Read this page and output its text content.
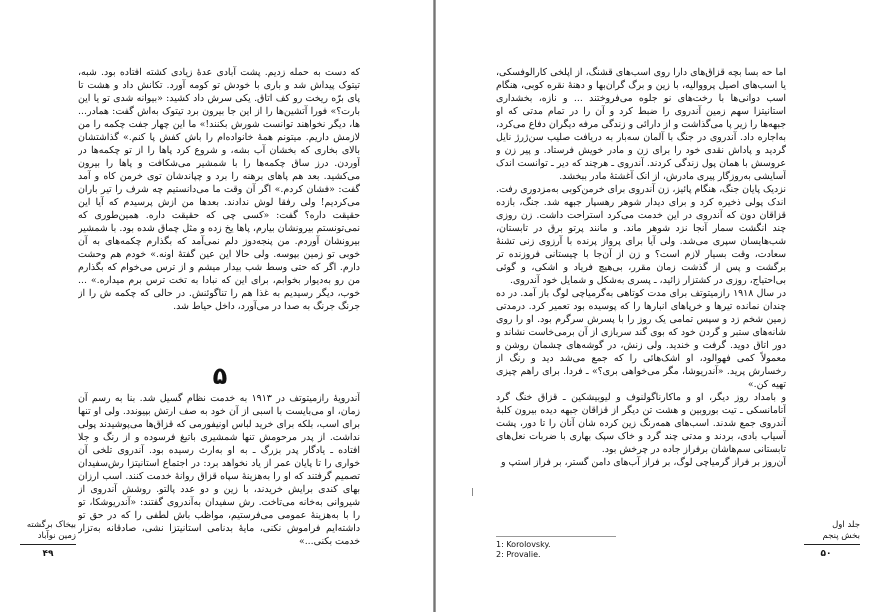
که دست به حمله زدیم. پشت آبادی عدهٔ زیادی کشته افتاده بود. شبه، تیتوک پیداش شد و باری با خودش تو کومه آورد. تکانش داد و هشت تا پای برّه ریخت رو کف اتاق. یکی سرش داد کشید: «بیوانه شدی تو یا این بارت؟» فورا آتشین‌ها را از این جا بیرون برد تیتوک به‌اش گفت: همادر... ها، دیگر نخواهند توانست شورش بکنند!» ما این چهار جفت چکمه را من لازمش داریم. میتونم همهٔ خانواده‌ام را باش کفش پا کنم.» گذاشتشان بالای بخاری که بخشان آب بشه، و شروع کرد پاها را از تو چکمه‌ها در آوردن. درز ساق چکمه‌ها را با شمشیر می‌شکافت و پاها را بیرون می‌کشید. بعد هم پاهای برهنه را برد و چپاندشان توی خرمن کاه و آمد گفت: «فشان کردم.» اگر آن وقت ما می‌دانستیم چه شرف را تیر باران می‌کردیم! ولی رفقا لوش ندادند. بعدها من ازش پرسیدم که آیا این حقیقت داره؟ گفت: «کسی چی که حقیقت داره. همین‌طوری که نمی‌تونستم بیرونشان بیارم، پاها یخ زده و مثل چماق شده بود. با شمشیر بیرونشان آوردم. من پنجه‌دوز دلم نمی‌آمد که بگذارم چکمه‌های به آن خوبی تو زمین بپوسه. ولی حالا این عین گفتهٔ اونه.» خودم هم وحشت دارم. اگر که حتی وسط شب بیدار میشم و از ترس می‌خوام که بگذارم من رو به‌دیوار بخوابم، برای این که نبادا به تخت ترس برم میداره.» ... خوب، دیگر رسیدیم به غذا هم را تناگوئنش. در حالی که چکمه ش را از جرنگ جرنگ به صدا در می‌آورد، داخل حیاط شد.

۵

آندرویهٔ رازمیتوتف در ۱۹۱۳ به خدمت نظام گسیل شد. بنا به رسم آن زمان، او می‌بایست با اسبی از آن خود به صف ارتش بپیوندد. ولی او تنها برای اسب، بلکه برای خرید لباس اونیفورمی که قزاق‌ها می‌پوشیدند پولی نداشت. از پدر مرحومش تنها شمشیری باتیغ فرسوده و از رنگ و جلا افتاده ـ یادگار پدر بزرگ ـ به او به‌ارث رسیده بود. آندروی تلخی آن خواری را تا پایان عمر از یاد نخواهد برد: در اجتماع استانیتزا رش‌سفیدان تصمیم گرفتند که او را به‌هزینهٔ سپاه قزاق روانهٔ خدمت کنند. اسب ارزان بهای کندی برایش خریدند، با زین و دو عدد پالتو. روشش آندروی از شیروانی به‌خانه می‌تاخت. رش سفیدان به‌آندروی گفتند: «آندریوشکا، تو را با به‌هزینهٔ عمومی می‌فرستیم، مواظب باش لطفی را که در حق تو داشته‌ایم فراموش نکنی، مایهٔ بدنامی استانیتزا نشی، صادقانه به‌تزار خدمت بکنی...»

بیخاک برگشته
زمین نوآباد
۴۹

اما حه بسا بچه قزاق‌های دارا روی اسب‌های قشنگ، از اپلخی کارالوفسکی، یا اسب‌های اصیل پرووالیه، با زین و برگ گران‌بها و دهنهٔ نقره کوبی، هنگام اسب دوانی‌ها با رخت‌های نو جلوه می‌فروختند ... و نازه، بخشداری استانیتزا سهم زمین آندروی را ضبط کرد و آن را در تمام مدتی که او جبهه‌ها را زیر پا می‌گذاشت و از دارائی و زندگی مرفه دیگران دفاع می‌کرد، به‌اجاره داد. آندروی در جنگ با آلمان سه‌بار به دریافت صلیب سن‌ژرژ نایل گردید و پاداش نقدی خود را برای زن و مادر خویش فرستاد. و پیر زن و عروسش با همان پول زندگی کردند. آندروی ـ هرچند که دیر ـ توانست اندک آسایشی به‌روزگار پیری مادرش، از انک آغشتهٔ مادر ببخشد.

نزدیک پایان جنگ، هنگام پائیز، زن آندروی برای خرمن‌کوبی به‌مزدوری رفت. اندک پولی ذخیره کرد و برای دیدار شوهر رهسپار جبهه شد. جنگ، بازده قزاقان دون که آندروی در این خدمت می‌کرد استراحت داشت. زن روزی چند انگشت سمار آنجا نزد شوهر ماند. و مانند پرتو برق در تابستان، شب‌هایسان سپری می‌شد. ولی آیا برای پرواز پرنده با آرزوی زنی تشنهٔ سعادت، وقت بسیار لازم است؟ و زن از آن‌جا با چیستانی فروزنده تر برگشت و پس از گذشت زمان مقرر، بی‌هیچ فریاد و اشکی، و گوئی بی‌احتیاج، روزی در کشتزار زائید، ـ پسری به‌شکل و شمایل خود آندروی.

در سال ۱۹۱۸ رازمیتوتف برای مدت کوتاهی به‌گرمیاچی لوگ باز آمد. در ده چندان نمانده تیرها و خرپاهای انبارها را که پوسیده بود تعمیر کرد. درمدتی زمین شخم زد و سپس تمامی یک روز را با پسرش سرگرم بود. او را روی شانه‌های ستبر و گردن خود که بوی گند سربازی از آن برمی‌خاست نشاند و دور اتاق دوید. گرفت و خندید. ولی زنش، در گوشه‌های چشمان روشن و معمولاً کمی فهوالود، او اشک‌هائی را که جمع می‌شد دید و رنگ از رخسارش پرید. «آندریوشا، مگر می‌خواهی بری؟» ـ فردا. برای راهم چیزی تهیه کن.»

و بامداد روز دیگر، او و ماکارناگولنوف و لیوبیشکین ـ قزاق خنگ گرد آتامانسکی ـ تیت بوروبین و هشت تن دیگر از قزاقان جبهه دیده بیرون کلبهٔ آندروی جمع شدند. اسب‌های همه‌رنگ زین کرده شان آنان را تا دور، پشت آسیاب بادی، بردند و مدتی چند گرد و خاک سپک بهاری با ضربات نعل‌های تابستانی سم‌هاشان برفراز جاده در چرخش بود.

آن‌روز بر فراز گرمیاچی لوگ، بر فراز آب‌های دامن گستر، بر فراز استپ و

1: Korolovsky.
2: Provalie.
جلد اول
بخش پنجم
۵۰
